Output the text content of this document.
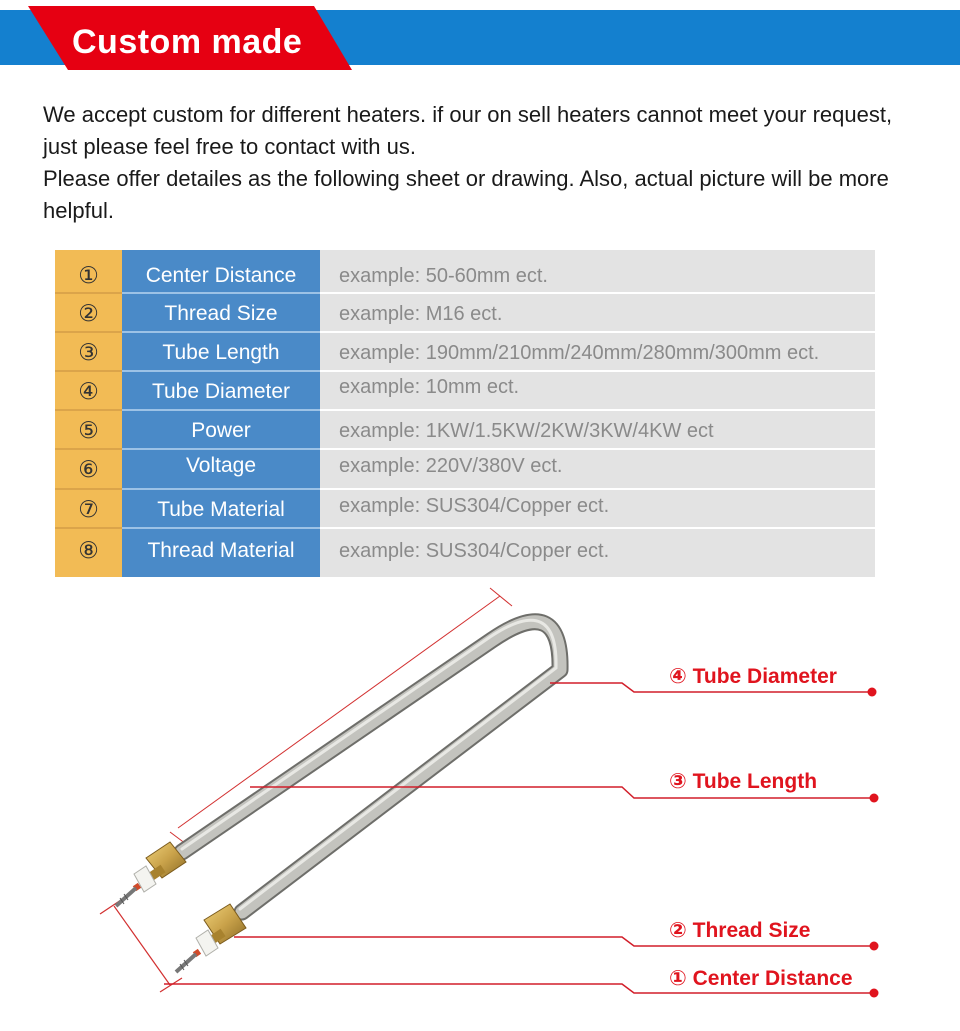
Custom made

We accept custom for different heaters. if our on sell heaters cannot meet your request, just please feel free to contact with us.

Please offer detailes as the following sheet or drawing. Also, actual picture will be more helpful.

①	Center Distance	example: 50-60mm ect.
②	Thread Size	example: M16 ect.
③	Tube Length	example: 190mm/210mm/240mm/280mm/300mm ect.
④	Tube Diameter	example: 10mm ect.
⑤	Power	example: 1KW/1.5KW/2KW/3KW/4KW ect
⑥	Voltage	example: 220V/380V ect.
⑦	Tube Material	example: SUS304/Copper ect.
⑧	Thread Material	example: SUS304/Copper ect.
④ Tube Diameter
③ Tube Length
② Thread Size
① Center Distance
